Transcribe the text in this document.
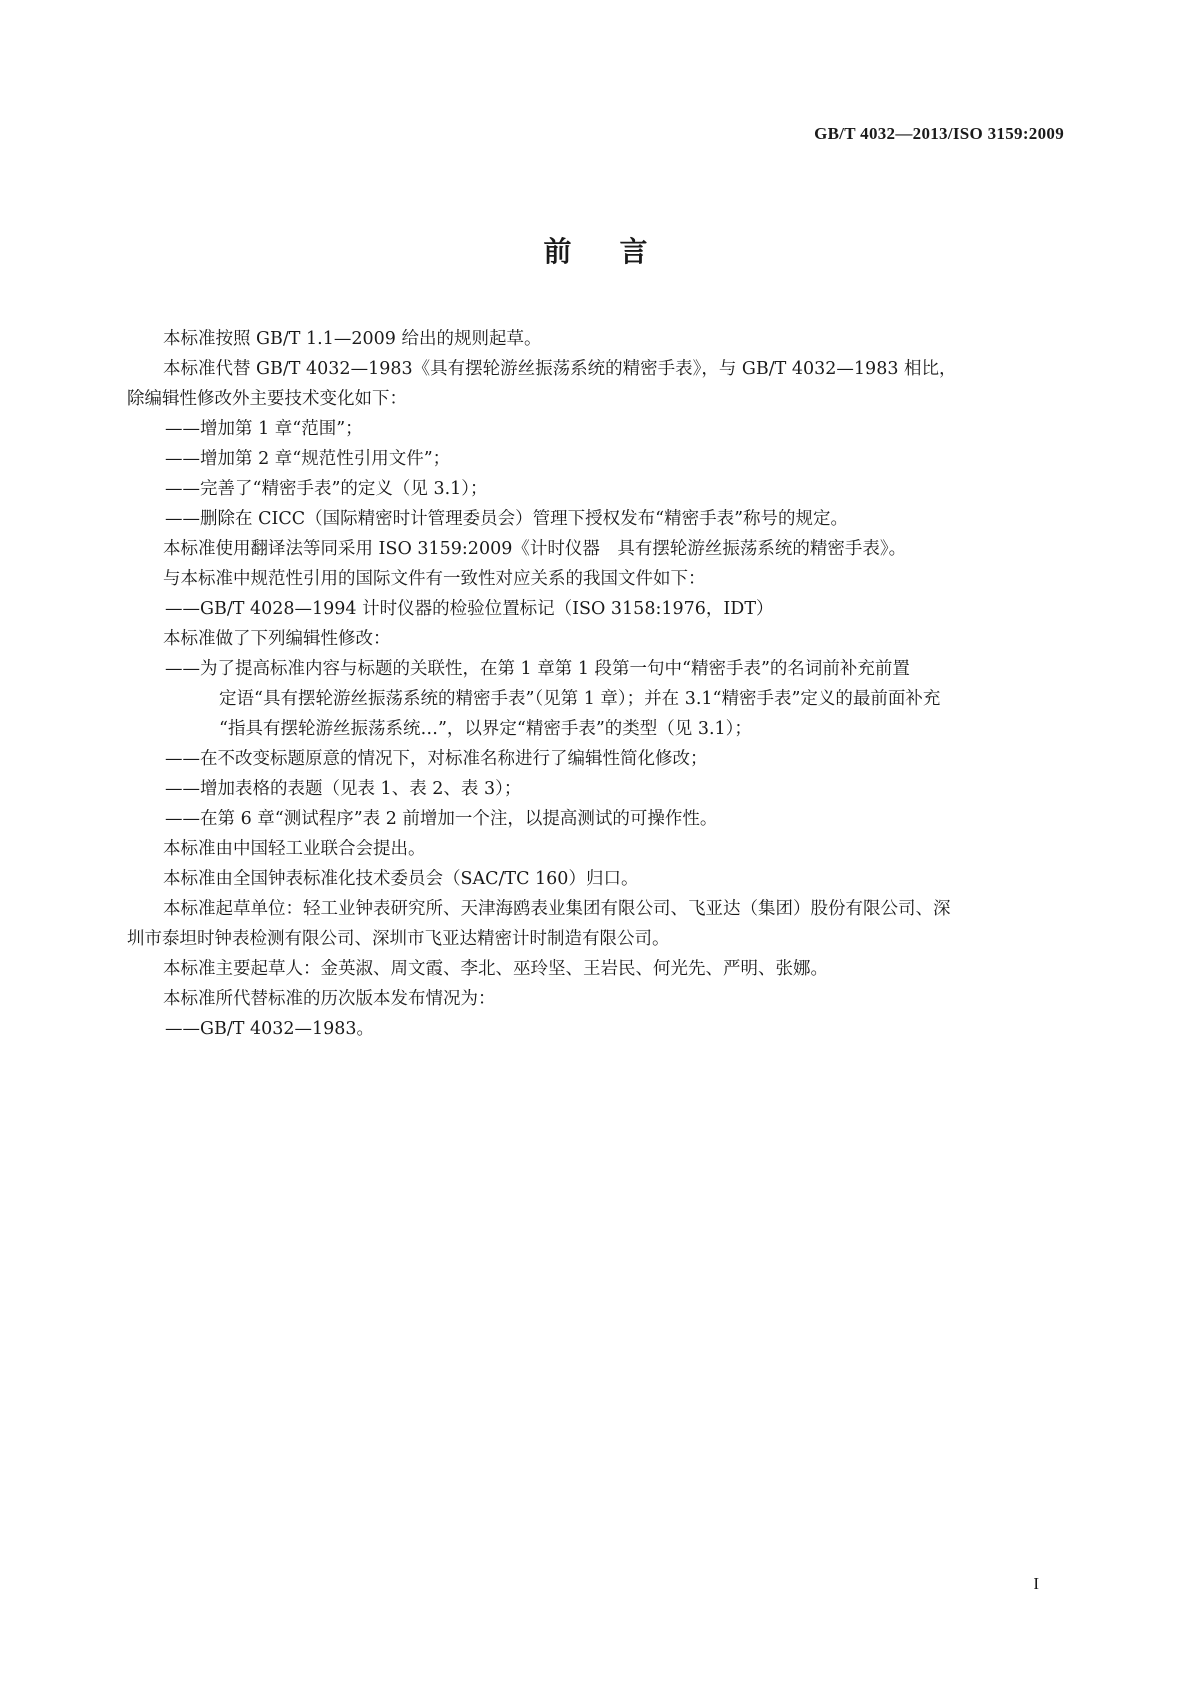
GB/T 4032—2013/ISO 3159:2009
前言

本标准按照 GB/T 1.1—2009 给出的规则起草。

本标准代替 GB/T 4032—1983《具有摆轮游丝振荡系统的精密手表》，与 GB/T 4032—1983 相比，

除编辑性修改外主要技术变化如下：

——增加第 1 章“范围”；

——增加第 2 章“规范性引用文件”；

——完善了“精密手表”的定义（见 3.1）；

——删除在 CICC（国际精密时计管理委员会）管理下授权发布“精密手表”称号的规定。

本标准使用翻译法等同采用 ISO 3159:2009《计时仪器　具有摆轮游丝振荡系统的精密手表》。

与本标准中规范性引用的国际文件有一致性对应关系的我国文件如下：

——GB/T 4028—1994 计时仪器的检验位置标记（ISO 3158:1976，IDT）

本标准做了下列编辑性修改：

——为了提高标准内容与标题的关联性，在第 1 章第 1 段第一句中“精密手表”的名词前补充前置

定语“具有摆轮游丝振荡系统的精密手表”（见第 1 章）；并在 3.1“精密手表”定义的最前面补充

“指具有摆轮游丝振荡系统…”，以界定“精密手表”的类型（见 3.1）；

——在不改变标题原意的情况下，对标准名称进行了编辑性简化修改；

——增加表格的表题（见表 1、表 2、表 3）；

——在第 6 章“测试程序”表 2 前增加一个注，以提高测试的可操作性。

本标准由中国轻工业联合会提出。

本标准由全国钟表标准化技术委员会（SAC/TC 160）归口。

本标准起草单位：轻工业钟表研究所、天津海鸥表业集团有限公司、飞亚达（集团）股份有限公司、深

圳市泰坦时钟表检测有限公司、深圳市飞亚达精密计时制造有限公司。

本标准主要起草人：金英淑、周文霞、李北、巫玲坚、王岩民、何光先、严明、张娜。

本标准所代替标准的历次版本发布情况为：

——GB/T 4032—1983。

I
